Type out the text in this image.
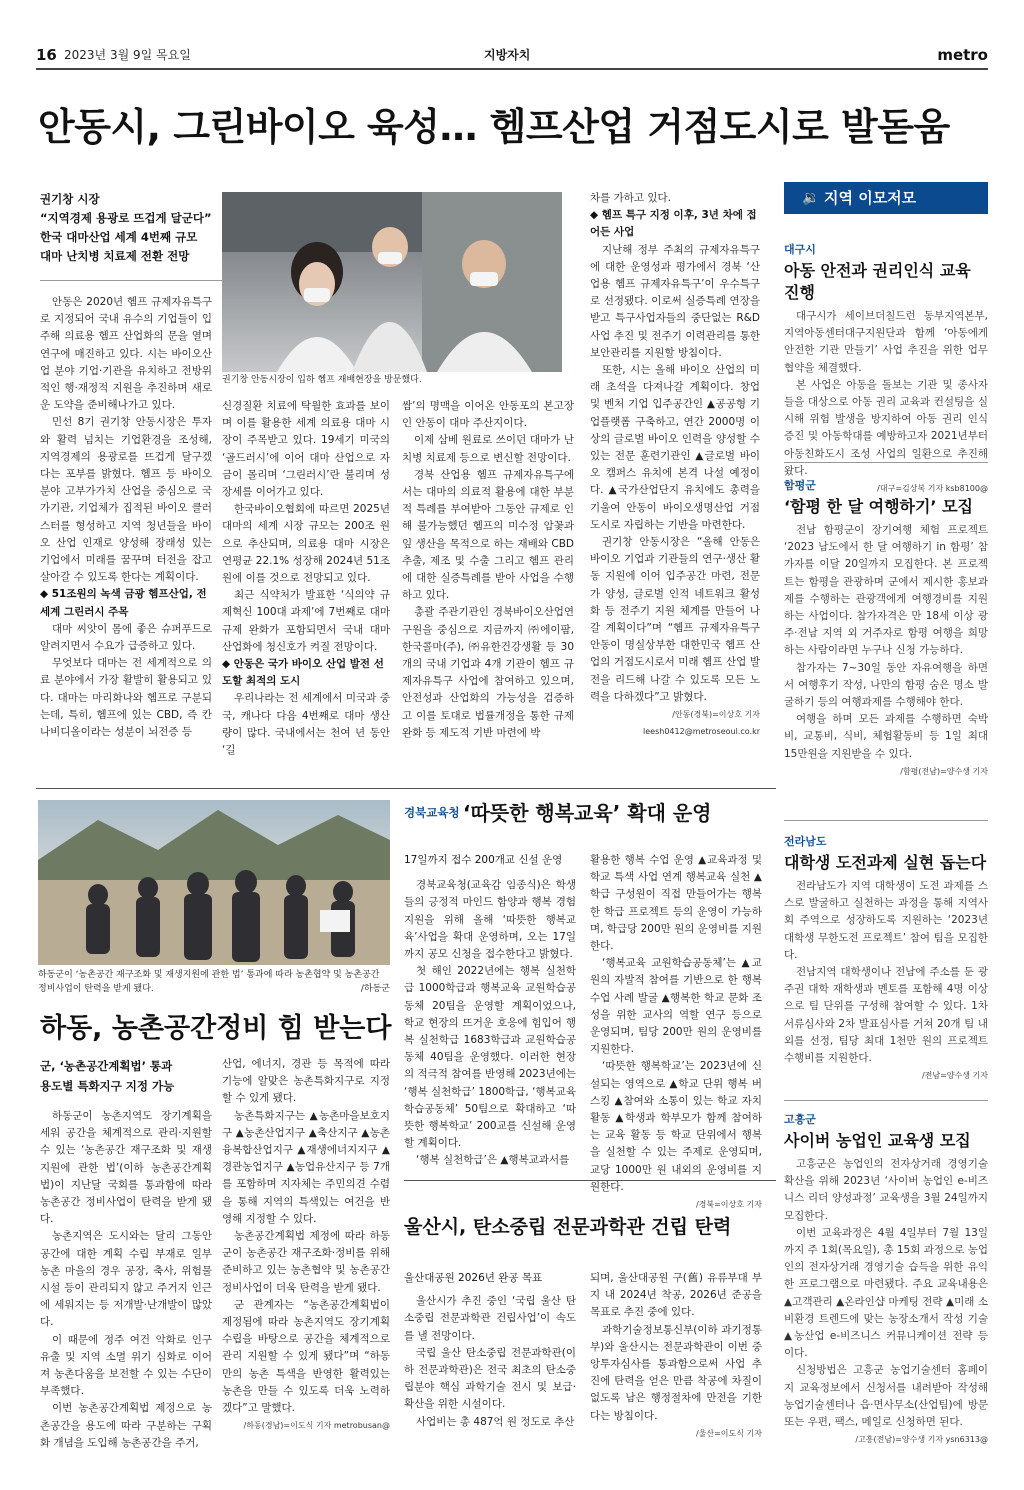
16 2023년 3월 9일 목요일	지방자치	metro
안동시, 그린바이오 육성… 헴프산업 거점도시로 발돋움
권기창 시장
“지역경제 용광로 뜨겁게 달군다”
한국 대마산업 세계 4번째 규모
대마 난치병 치료제 전환 전망
권기창 안동시장이 입하 헴프 재배현장을 방문했다.

안동은 2020년 헴프 규제자유특구로 지정되어 국내 유수의 기업들이 입주해 의료용 헴프 산업화의 문을 열며 연구에 매진하고 있다. 시는 바이오산업 분야 기업·기관을 유치하고 전방위적인 행·재정적 지원을 추진하며 새로운 도약을 준비해나가고 있다.

민선 8기 권기창 안동시장은 투자와 활력 넘치는 기업환경을 조성해, 지역경제의 용광로를 뜨겁게 달구겠다는 포부를 밝혔다. 헴프 등 바이오분야 고부가가치 산업을 중심으로 국가기관, 기업체가 집적된 바이오 클러스터를 형성하고 지역 청년들을 바이오 산업 인재로 양성해 장래성 있는 기업에서 미래를 꿈꾸며 터전을 잡고 살아갈 수 있도록 한다는 계획이다.

◆ 51조원의 녹색 금광 헴프산업, 전세계 그린러시 주목

대마 씨앗이 몸에 좋은 슈퍼푸드로 알려지면서 수요가 급증하고 있다.

무엇보다 대마는 전 세계적으로 의료 분야에서 가장 활발히 활용되고 있다. 대마는 마리화나와 헴프로 구분되는데, 특히, 헴프에 있는 CBD, 즉 칸나비디올이라는 성분이 뇌전증 등

신경질환 치료에 탁월한 효과를 보이며 이를 활용한 세계 의료용 대마 시장이 주목받고 있다. 19세기 미국의 ‘골드러시’에 이어 대마 산업으로 자금이 몰리며 ‘그린러시’란 불리며 성장세를 이어가고 있다.

한국바이오협회에 따르면 2025년 대마의 세계 시장 규모는 200조 원으로 추산되며, 의료용 대마 시장은 연평균 22.1% 성장해 2024년 51조 원에 이를 것으로 전망되고 있다.

최근 식약처가 발표한 ‘식의약 규제혁신 100대 과제’에 7번째로 대마 규제 완화가 포함되면서 국내 대마 산업화에 청신호가 켜질 전망이다.

◆ 안동은 국가 바이오 산업 발전 선도할 최적의 도시

우리나라는 전 세계에서 미국과 중국, 캐나다 다음 4번째로 대마 생산량이 많다. 국내에서는 천여 년 동안 ‘길

쌈’의 명맥을 이어온 안동포의 본고장인 안동이 대마 주산지이다.

이제 삼베 원료로 쓰이던 대마가 난치병 치료제 등으로 변신할 전망이다.

경북 산업용 헴프 규제자유특구에서는 대마의 의료적 활용에 대한 부분적 특례를 부여받아 그동안 규제로 인해 불가능했던 헴프의 미수정 암꽃과 잎 생산을 목적으로 하는 재배와 CBD 추출, 제조 및 수출 그리고 헴프 관리에 대한 실증특례를 받아 사업을 수행하고 있다.

총괄 주관기관인 경북바이오산업연구원을 중심으로 지금까지 ㈜에이팜, 한국콜마(주), ㈜유한건강생활 등 30개의 국내 기업과 4개 기관이 헴프 규제자유특구 사업에 참여하고 있으며, 안전성과 산업화의 가능성을 검증하고 이를 토대로 법률개정을 통한 규제 완화 등 제도적 기반 마련에 박

차를 가하고 있다.

◆ 헴프 특구 지정 이후, 3년 차에 접어든 사업

지난해 정부 주최의 규제자유특구에 대한 운영성과 평가에서 경북 ‘산업용 헴프 규제자유특구’이 우수특구로 선정됐다. 이로써 실증특례 연장을 받고 특구사업자들의 중단없는 R&D사업 추진 및 전주기 이력관리를 통한 보안관리를 지원할 방침이다.

또한, 시는 올해 바이오 산업의 미래 초석을 다져나갈 계획이다. 창업 및 벤처 기업 입주공간인 ▲공공형 기업플랫폼 구축하고, 연간 2000명 이상의 글로벌 바이오 인력을 양성할 수 있는 전문 훈련기관인 ▲글로벌 바이오 캠퍼스 유치에 본격 나설 예정이다. ▲국가산업단지 유치에도 총력을 기울여 안동이 바이오생명산업 거점도시로 자립하는 기반을 마련한다.

권기창 안동시장은 “올해 안동은 바이오 기업과 기관들의 연구·생산 활동 지원에 이어 입주공간 마련, 전문가 양성, 글로벌 인적 네트워크 활성화 등 전주기 지원 체계를 만들어 나갈 계획이다”며 “헴프 규제자유특구 안동이 명실상부한 대한민국 헴프 산업의 거점도시로서 미래 헴프 산업 발전을 리드해 나갈 수 있도록 모든 노력을 다하겠다”고 밝혔다.

/안동(경북)=이상호 기자

leesh0412@metroseoul.co.kr

하동군이 ‘농촌공간 재구조화 및 재생지원에 관한 법’ 통과에 따라 농촌협약 및 농촌공간 정비사업이 탄력을 받게 됐다.	/하동군
하동, 농촌공간정비 힘 받는다
군, ‘농촌공간계획법’ 통과
용도별 특화지구 지정 가능

하동군이 농촌지역도 장기계획을 세워 공간을 체계적으로 관리·지원할 수 있는 ‘농촌공간 재구조화 및 재생지원에 관한 법’(이하 농촌공간계획법)이 지난달 국회를 통과함에 따라 농촌공간 정비사업이 탄력을 받게 됐다.

농촌지역은 도시와는 달리 그동안 공간에 대한 계획 수립 부재로 일부 농촌 마을의 경우 공장, 축사, 위험물 시설 등이 관리되지 않고 주거지 인근에 세워지는 등 저개발·난개발이 많았다.

이 때문에 정주 여건 악화로 인구 유출 및 지역 소멸 위기 심화로 이어져 농촌다움을 보전할 수 있는 수단이 부족했다.

이번 농촌공간계획법 제정으로 농촌공간을 용도에 따라 구분하는 구획화 개념을 도입해 농촌공간을 주거,

산업, 에너지, 경관 등 목적에 따라 기능에 알맞은 농촌특화지구로 지정할 수 있게 됐다.

농촌특화지구는 ▲농촌마을보호지구 ▲농촌산업지구 ▲축산지구 ▲농촌융복합산업지구 ▲재생에너지지구 ▲경관농업지구 ▲농업유산지구 등 7개를 포함하며 지자체는 주민의견 수렴을 통해 지역의 특색있는 여건을 반영해 지정할 수 있다.

농촌공간계획법 제정에 따라 하동군이 농촌공간 재구조화·정비를 위해 준비하고 있는 농촌협약 및 농촌공간정비사업이 더욱 탄력을 받게 됐다.

군 관계자는 “농촌공간계획법이 제정됨에 따라 농촌지역도 장기계획 수립을 바탕으로 공간을 체계적으로 관리 지원할 수 있게 됐다”며 “하동만의 농촌 특색을 반영한 활력있는 농촌을 만들 수 있도록 더욱 노력하겠다”고 말했다.

/하동(경남)=이도식 기자 metrobusan@

경북교육청 ‘따뜻한 행복교육’ 확대 운영

17일까지 접수 200개교 신설 운영

경북교육청(교육감 임종식)은 학생들의 긍정적 마인드 함양과 행복 경험 지원을 위해 올해 ‘따뜻한 행복교육’사업을 확대 운영하며, 오는 17일까지 공모 신청을 접수한다고 밝혔다.

첫 해인 2022년에는 행복 실천학급 1000학급과 행복교육 교원학습공동체 20팀을 운영할 계획이었으나, 학교 현장의 뜨거운 호응에 힘입어 행복 실천학급 1683학급과 교원학습공동체 40팀을 운영했다. 이러한 현장의 적극적 참여를 반영해 2023년에는 ‘행복 실천학급’ 1800학급, ‘행복교육 학습공동체’ 50팀으로 확대하고 ‘따뜻한 행복학교’ 200교를 신설해 운영할 계획이다.

‘행복 실천학급’은 ▲행복교과서를

활용한 행복 수업 운영 ▲교육과정 및 학교 특색 사업 연계 행복교육 실천 ▲학급 구성원이 직접 만들어가는 행복한 학급 프로젝트 등의 운영이 가능하며, 학급당 200만 원의 운영비를 지원한다.

‘행복교육 교원학습공동체’는 ▲교원의 자발적 참여를 기반으로 한 행복수업 사례 발굴 ▲행복한 학교 문화 조성을 위한 교사의 역할 연구 등으로 운영되며, 팀당 200만 원의 운영비를 지원한다.

‘따뜻한 행복학교’는 2023년에 신설되는 영역으로 ▲학교 단위 행복 버스킹 ▲참여와 소통이 있는 학교 자치 활동 ▲학생과 학부모가 함께 참여하는 교육 활동 등 학교 단위에서 행복을 실천할 수 있는 주제로 운영되며, 교당 1000만 원 내외의 운영비를 지원한다.

/경북=이상호 기자

울산시, 탄소중립 전문과학관 건립 탄력

울산대공원 2026년 완공 목표

울산시가 추진 중인 ‘국립 울산 탄소중립 전문과학관 건립사업’이 속도를 낼 전망이다.

국립 울산 탄소중립 전문과학관(이하 전문과학관)은 전국 최초의 탄소중립분야 핵심 과학기술 전시 및 보급·확산을 위한 시설이다.

사업비는 총 487억 원 정도로 추산

되며, 울산대공원 구(舊) 유류부대 부지 내 2024년 착공, 2026년 준공을 목표로 추진 중에 있다.

과학기술정보통신부(이하 과기정통부)와 울산시는 전문과학관이 이번 중앙투자심사를 통과함으로써 사업 추진에 탄력을 얻은 만큼 착공에 차질이 없도록 남은 행정절차에 만전을 기한다는 방침이다.

/울산=이도식 기자

🔉 지역 이모저모
대구시
아동 안전과 권리인식 교육 진행

대구시가 세이브더칠드런 동부지역본부, 지역아동센터대구지원단과 함께 ‘아동에게 안전한 기관 만들기’ 사업 추진을 위한 업무협약을 체결했다.

본 사업은 아동을 돌보는 기관 및 종사자들을 대상으로 아동 권리 교육과 컨설팅을 실시해 위험 발생을 방지하여 아동 권리 인식 증진 및 아동학대를 예방하고자 2021년부터 아동친화도시 조성 사업의 일환으로 추진해 왔다.

/대구=김상복 기자 ksb8100@

함평군
‘함평 한 달 여행하기’ 모집

전남 함평군이 장기여행 체험 프로젝트 ‘2023 남도에서 한 달 여행하기 in 함평’ 참가자를 이달 20일까지 모집한다. 본 프로젝트는 함평을 관광하며 군에서 제시한 홍보과제를 수행하는 관광객에게 여행경비를 지원하는 사업이다. 참가자격은 만 18세 이상 광주·전남 지역 외 거주자로 함평 여행을 희망하는 사람이라면 누구나 신청 가능하다.

참가자는 7~30일 동안 자유여행을 하면서 여행후기 작성, 나만의 함평 숨은 명소 발굴하기 등의 여행과제를 수행해야 한다.

여행을 하며 모든 과제를 수행하면 숙박비, 교통비, 식비, 체험활동비 등 1일 최대 15만원을 지원받을 수 있다.

/함평(전남)=양수생 기자

전라남도
대학생 도전과제 실현 돕는다

전라남도가 지역 대학생이 도전 과제를 스스로 발굴하고 실천하는 과정을 통해 지역사회 주역으로 성장하도록 지원하는 ‘2023년 대학생 무한도전 프로젝트’ 참여 팀을 모집한다.

전남지역 대학생이나 전남에 주소를 둔 광주권 대학 재학생과 멘토를 포함해 4명 이상으로 팀 단위를 구성해 참여할 수 있다. 1차 서류심사와 2차 발표심사를 거쳐 20개 팀 내외를 선정, 팀당 최대 1천만 원의 프로젝트 수행비를 지원한다.

/전남=양수생 기자

고흥군
사이버 농업인 교육생 모집

고흥군은 농업인의 전자상거래 경영기술 확산을 위해 2023년 ‘사이버 농업인 e-비즈니스 리더 양성과정’ 교육생을 3월 24일까지 모집한다.

이번 교육과정은 4월 4일부터 7월 13일까지 주 1회(목요일), 총 15회 과정으로 농업인의 전자상거래 경영기술 습득을 위한 유익한 프로그램으로 마련됐다. 주요 교육내용은 ▲고객관리 ▲온라인샵 마케팅 전략 ▲미래 소비환경 트렌드에 맞는 농장소개서 작성 기술 ▲농산업 e-비즈니스 커뮤니케이션 전략 등이다.

신청방법은 고흥군 농업기술센터 홈페이지 교육정보에서 신청서를 내려받아 작성해 농업기술센터나 읍·면사무소(산업팀)에 방문 또는 우편, 팩스, 메일로 신청하면 된다.

/고흥(전남)=양수생 기자 ysn6313@
